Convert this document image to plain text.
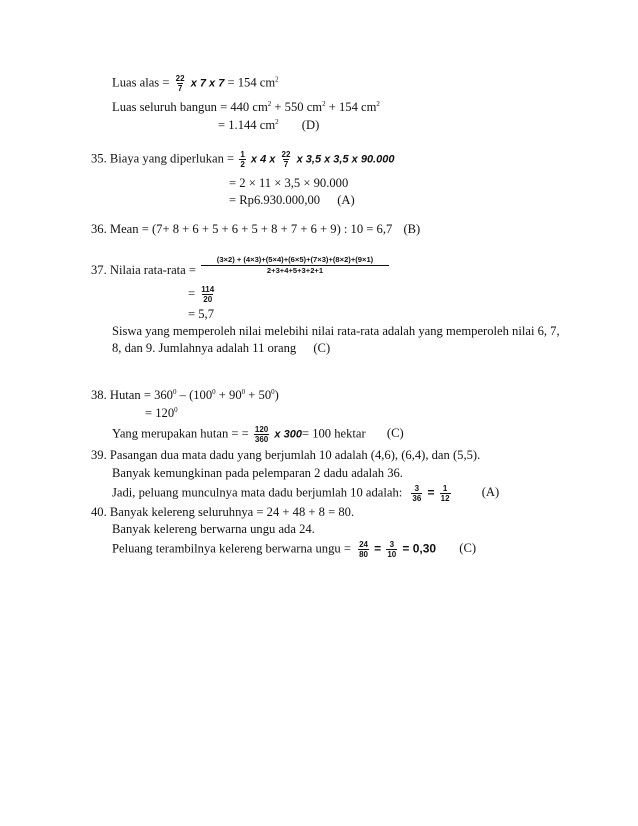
Luas alas = $\frac{22}{7}$ x 7 x 7 = 154 $cm^2$
Luas seluruh bangun = 440 $cm^2 + 550$ $cm^2 + 154$ $cm^2$
= 1.144 $cm^2$ (D)
35. Biaya yang diperlukan = $\frac{1}{2}$ x 4 x $\frac{22}{7}$ x 3,5 x 3,5 x 90.000
= 2 × 11 × 3,5 × 90.000
= Rp6.930.000,00 (A)
36. Mean = (7+ 8 + 6 + 5 + 6 + 5 + 8 + 7 + 6 + 9) : 10 = 6,7 (B)
37. Nilaia rata-rata = $\frac{(3\times 2) + (4\times 3)+(5\times 4)+(6\times 5)+(7\times 3)+(8\times 2)+(9\times 1)}{2+3+4+5+3+2+1}$
= $\frac{114}{20}$
= 5,7
Siswa yang memperoleh nilai melebihi nilai rata-rata adalah yang memperoleh nilai 6, 7,
8, dan 9. Jumlahnya adalah 11 orang (C)
38. $Hutan = 360^0 - (100^0 + 90^0 + 50^0)$
= $120^0$
Yang merupakan hutan = = $\frac{120}{360}$ x 300= 100 hektar (C)
39. Pasangan dua mata dadu yang berjumlah 10 adalah (4,6), (6,4), dan (5,5).
Banyak kemungkinan pada pelemparan 2 dadu adalah 36.
Jadi, peluang munculnya mata dadu berjumlah 10 adalah: $\frac{3}{36} = \frac{1}{12} (A)$
40. Banyak kelereng seluruhnya = 24 + 48 + 8 = 80.
Banyak kelereng berwarna ungu ada 24.
Peluang terambilnya kelereng berwarna ungu = $\frac{24}{80} = \frac{3}{10} = 0,30$ (C)
